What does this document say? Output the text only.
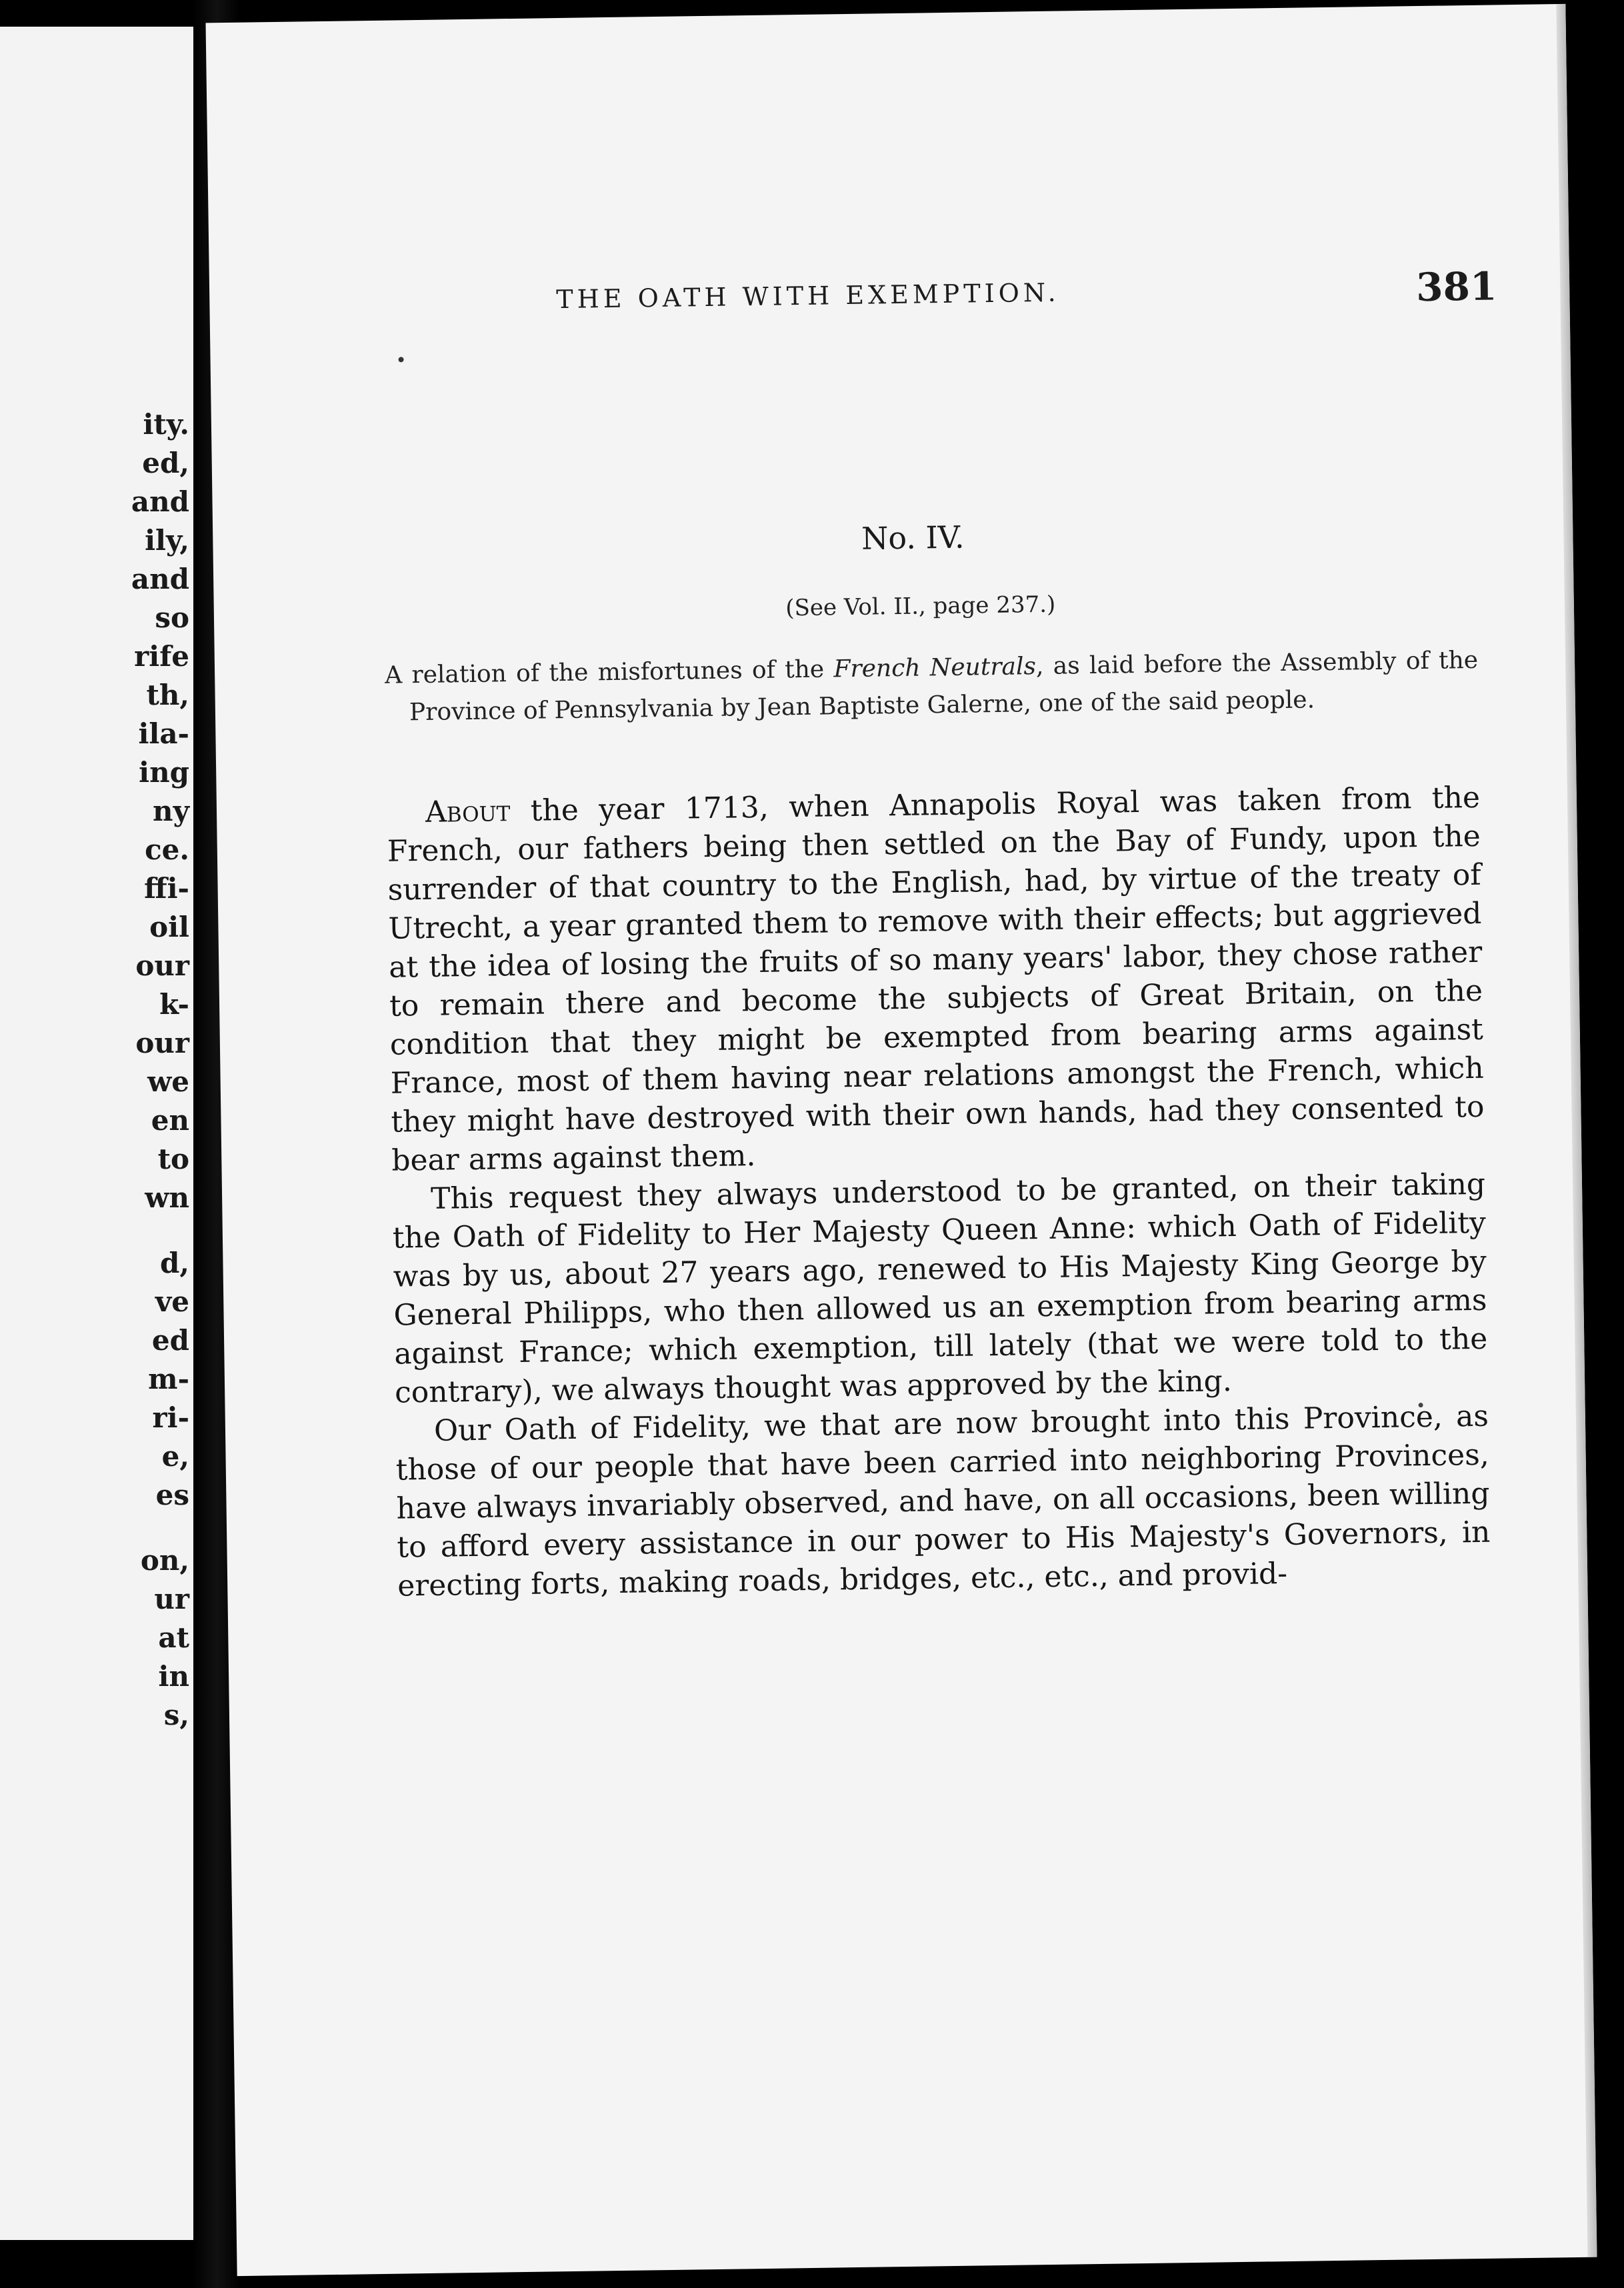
ity.
ed,
and
ily,
and
so
rife
th,
ila-
ing
ny
ce.
ffi-
oil
our
k-
our
we
en
to
wn
d,
ve
ed
m-
ri-
e,
es
on,
ur
at
in
s,
THE OATH WITH EXEMPTION.	381
No. IV.
(See Vol. II., page 237.)

A relation of the misfortunes of the French Neutrals, as laid before the Assembly of the Province of Pennsylvania by Jean Baptiste Galerne, one of the said people.

About the year 1713, when Annapolis Royal was taken from the French, our fathers being then settled on the Bay of Fundy, upon the surrender of that country to the English, had, by virtue of the treaty of Utrecht, a year granted them to remove with their effects; but aggrieved at the idea of losing the fruits of so many years' labor, they chose rather to remain there and become the subjects of Great Britain, on the condition that they might be exempted from bearing arms against France, most of them having near relations amongst the French, which they might have destroyed with their own hands, had they consented to bear arms against them.

This request they always understood to be granted, on their taking the Oath of Fidelity to Her Majesty Queen Anne: which Oath of Fidelity was by us, about 27 years ago, renewed to His Majesty King George by General Philipps, who then allowed us an exemption from bearing arms against France; which exemption, till lately (that we were told to the contrary), we always thought was approved by the king.

Our Oath of Fidelity, we that are now brought into this Province, as those of our people that have been carried into neighboring Provinces, have always invariably observed, and have, on all occasions, been willing to afford every assistance in our power to His Majesty's Governors, in erecting forts, making roads, bridges, etc., etc., and provid-
